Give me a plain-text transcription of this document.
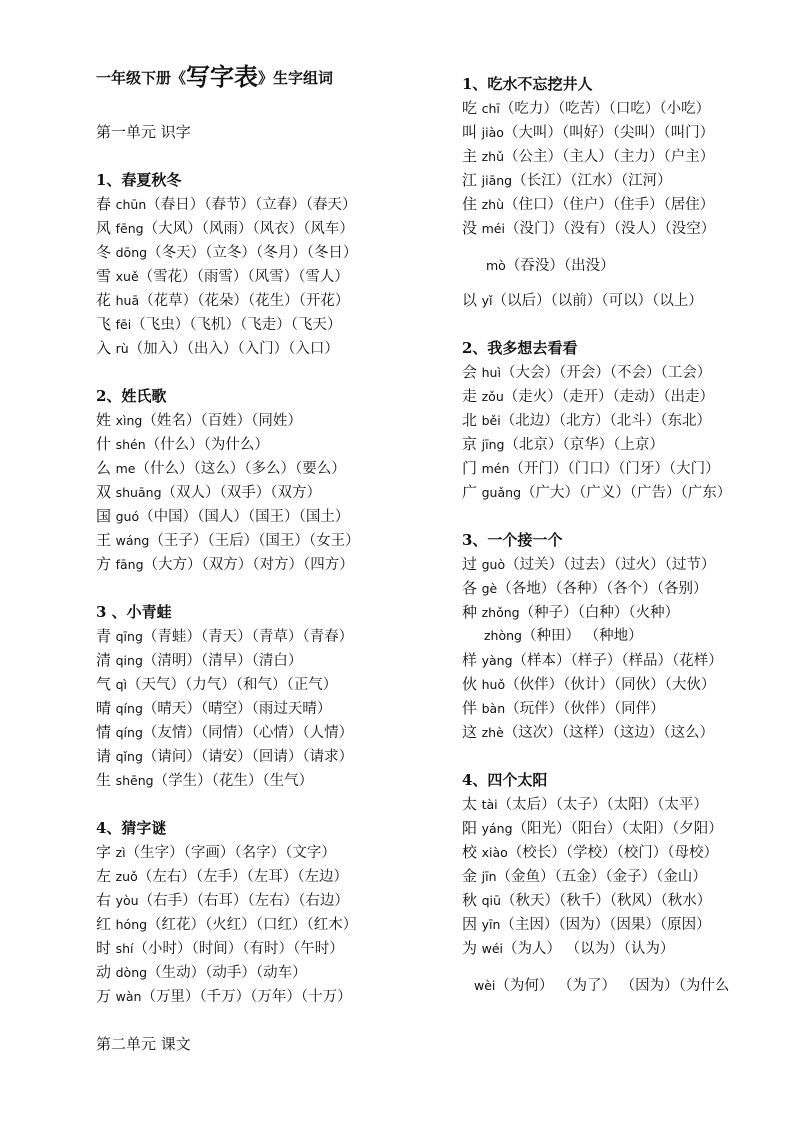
一年级下册《写字表》生字组词
第一单元 识字
1、春夏秋冬
春 chūn（春日）（春节）（立春）（春天）
风 fēng（大风）（风雨）（风衣）（风车）
冬 dōng（冬天）（立冬）（冬月）（冬日）
雪 xuě（雪花）（雨雪）（风雪）（雪人）
花 huā（花草）（花朵）（花生）（开花）
飞 fēi（飞虫）（飞机）（飞走）（飞天）
入 rù（加入）（出入）（入门）（入口）
2、姓氏歌
姓 xìng（姓名）（百姓）（同姓）
什 shén（什么）（为什么）
么 me（什么）（这么）（多么）（要么）
双 shuāng（双人）（双手）（双方）
国 guó（中国）（国人）（国王）（国土）
王 wáng（王子）（王后）（国王）（女王）
方 fāng（大方）（双方）（对方）（四方）
3 、小青蛙
青 qīng（青蛙）（青天）（青草）（青春）
清 qing（清明）（清早）（清白）
气 qì（天气）（力气）（和气）（正气）
晴 qíng（晴天）（晴空）（雨过天晴）
情 qíng（友情）（同情）（心情）（人情）
请 qǐng（请问）（请安）（回请）（请求）
生 shēng（学生）（花生）（生气）
4、猜字谜
字 zì（生字）（字画）（名字）（文字）
左 zuǒ（左右）（左手）（左耳）（左边）
右 yòu（右手）（右耳）（左右）（右边）
红 hóng（红花）（火红）（口红）（红木）
时 shí（小时）（时间）（有时）（午时）
动 dòng（生动）（动手）（动车）
万 wàn（万里）（千万）（万年）（十万）
第二单元 课文
1、吃水不忘挖井人
吃 chī（吃力）（吃苦）（口吃）（小吃）
叫 jiào（大叫）（叫好）（尖叫）（叫门）
主 zhǔ（公主）（主人）（主力）（户主）
江 jiāng（长江）（江水）（江河）
住 zhù（住口）（住户）（住手）（居住）
没 méi（没门）（没有）（没人）（没空）
mò（吞没）（出没）
以 yǐ（以后）（以前）（可以）（以上）
2、我多想去看看
会 huì（大会）（开会）（不会）（工会）
走 zǒu（走火）（走开）（走动）（出走）
北 běi（北边）（北方）（北斗）（东北）
京 jīng（北京）（京华）（上京）
门 mén（开门）（门口）（门牙）（大门）
广 guǎng（广大）（广义）（广告）（广东）
3、一个接一个
过 guò（过关）（过去）（过火）（过节）
各 gè（各地）（各种）（各个）（各别）
种 zhǒng（种子）（白种）（火种）
zhòng（种田） （种地）
样 yàng（样本）（样子）（样品）（花样）
伙 huǒ（伙伴）（伙计）（同伙）（大伙）
伴 bàn（玩伴）（伙伴）（同伴）
这 zhè（这次）（这样）（这边）（这么）
4、四个太阳
太 tài（太后）（太子）（太阳）（太平）
阳 yáng（阳光）（阳台）（太阳）（夕阳）
校 xiào（校长）（学校）（校门）（母校）
金 jīn（金鱼）（五金）（金子）（金山）
秋 qiū（秋天）（秋千）（秋风）（秋水）
因 yīn（主因）（因为）（因果）（原因）
为 wéi（为人） （以为）（认为）
wèi（为何） （为了） （因为）（为什么
